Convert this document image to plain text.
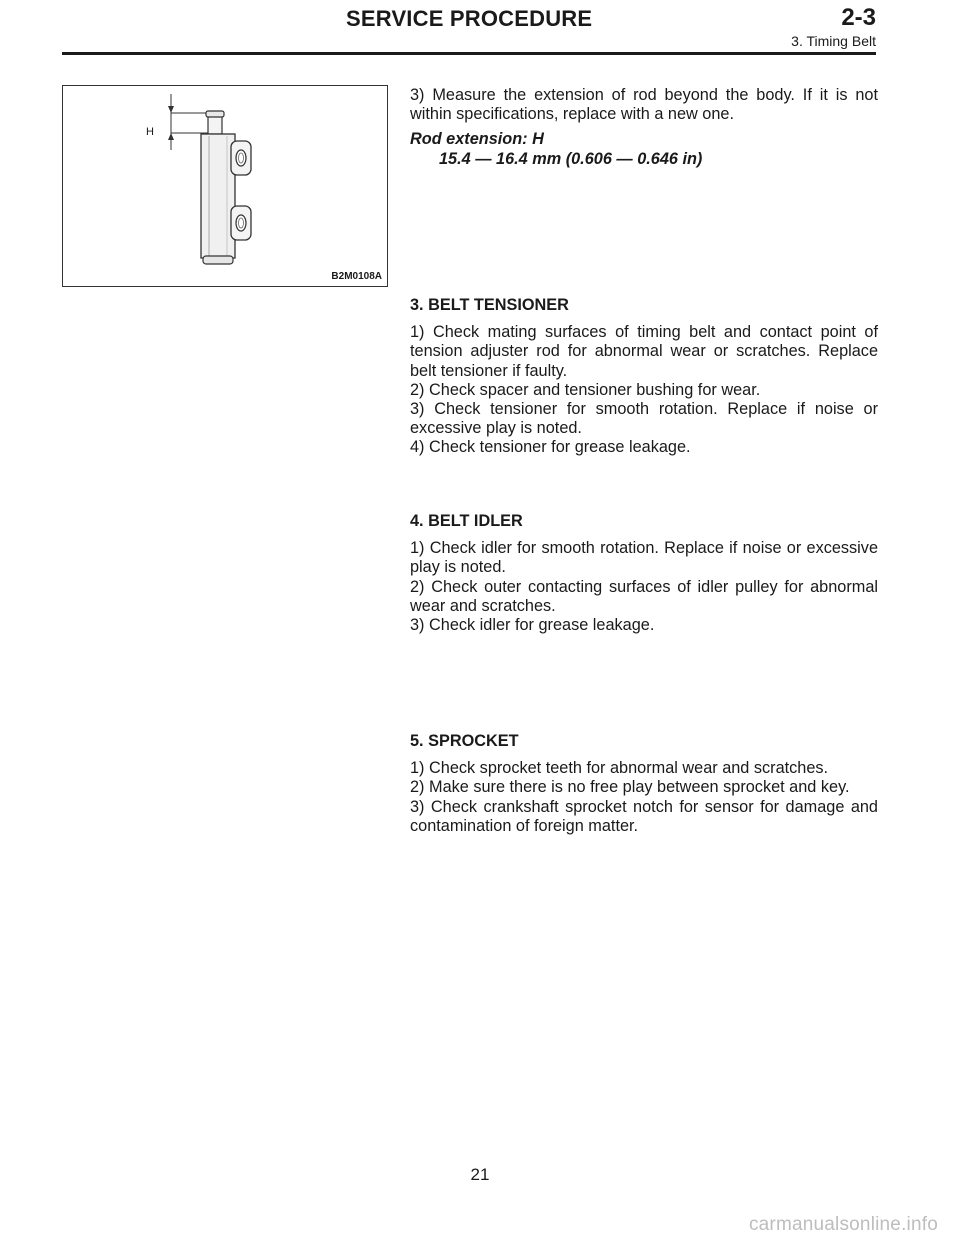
SERVICE PROCEDURE	2-3
3. Timing Belt
H
B2M0108A

3) Measure the extension of rod beyond the body. If it is not within specifications, replace with a new one.

Rod extension: H

15.4 — 16.4 mm (0.606 — 0.646 in)

3. BELT TENSIONER

1) Check mating surfaces of timing belt and contact point of tension adjuster rod for abnormal wear or scratches. Replace belt tensioner if faulty.

2) Check spacer and tensioner bushing for wear.

3) Check tensioner for smooth rotation. Replace if noise or excessive play is noted.

4) Check tensioner for grease leakage.

4. BELT IDLER

1) Check idler for smooth rotation. Replace if noise or excessive play is noted.

2) Check outer contacting surfaces of idler pulley for abnormal wear and scratches.

3) Check idler for grease leakage.

5. SPROCKET

1) Check sprocket teeth for abnormal wear and scratches.

2) Make sure there is no free play between sprocket and key.

3) Check crankshaft sprocket notch for sensor for damage and contamination of foreign matter.

21
carmanualsonline.info
